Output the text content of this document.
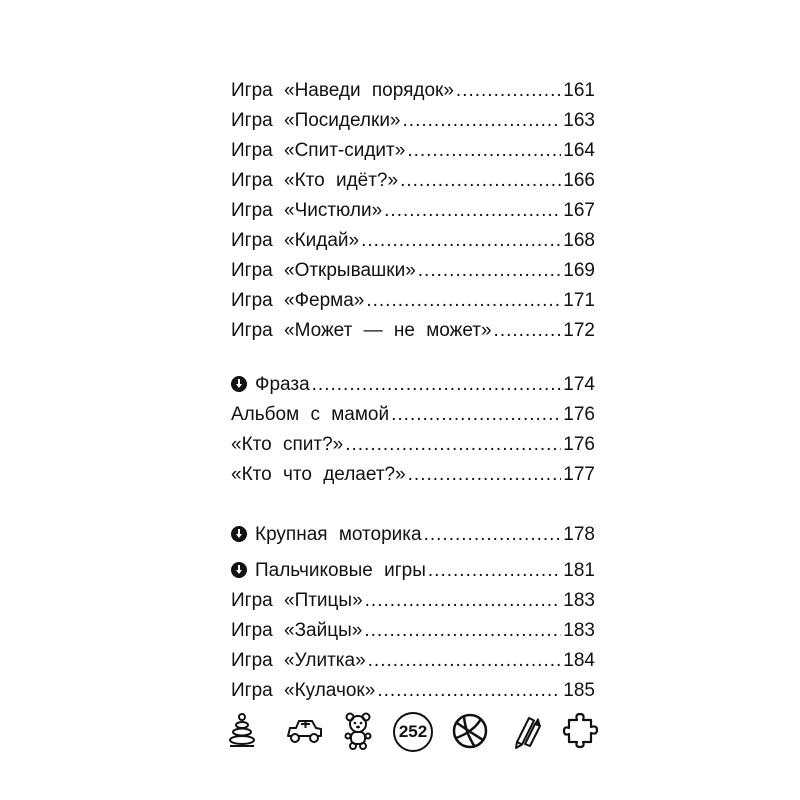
Игра «Наведи порядок» .....	161
Игра «Посиделки» .....	163
Игра «Спит-сидит» .....	164
Игра «Кто идёт?» .....	166
Игра «Чистюли» .....	167
Игра «Кидай» .....	168
Игра «Открывашки» .....	169
Игра «Ферма» .....	171
Игра «Может — не может» .....	172
Фраза .....	174
Альбом с мамой .....	176
«Кто спит?» .....	176
«Кто что делает?» .....	177
Крупная моторика .....	178
Пальчиковые игры .....	181
Игра «Птицы» .....	183
Игра «Зайцы» .....	183
Игра «Улитка» .....	184
Игра «Кулачок» .....	185
252
